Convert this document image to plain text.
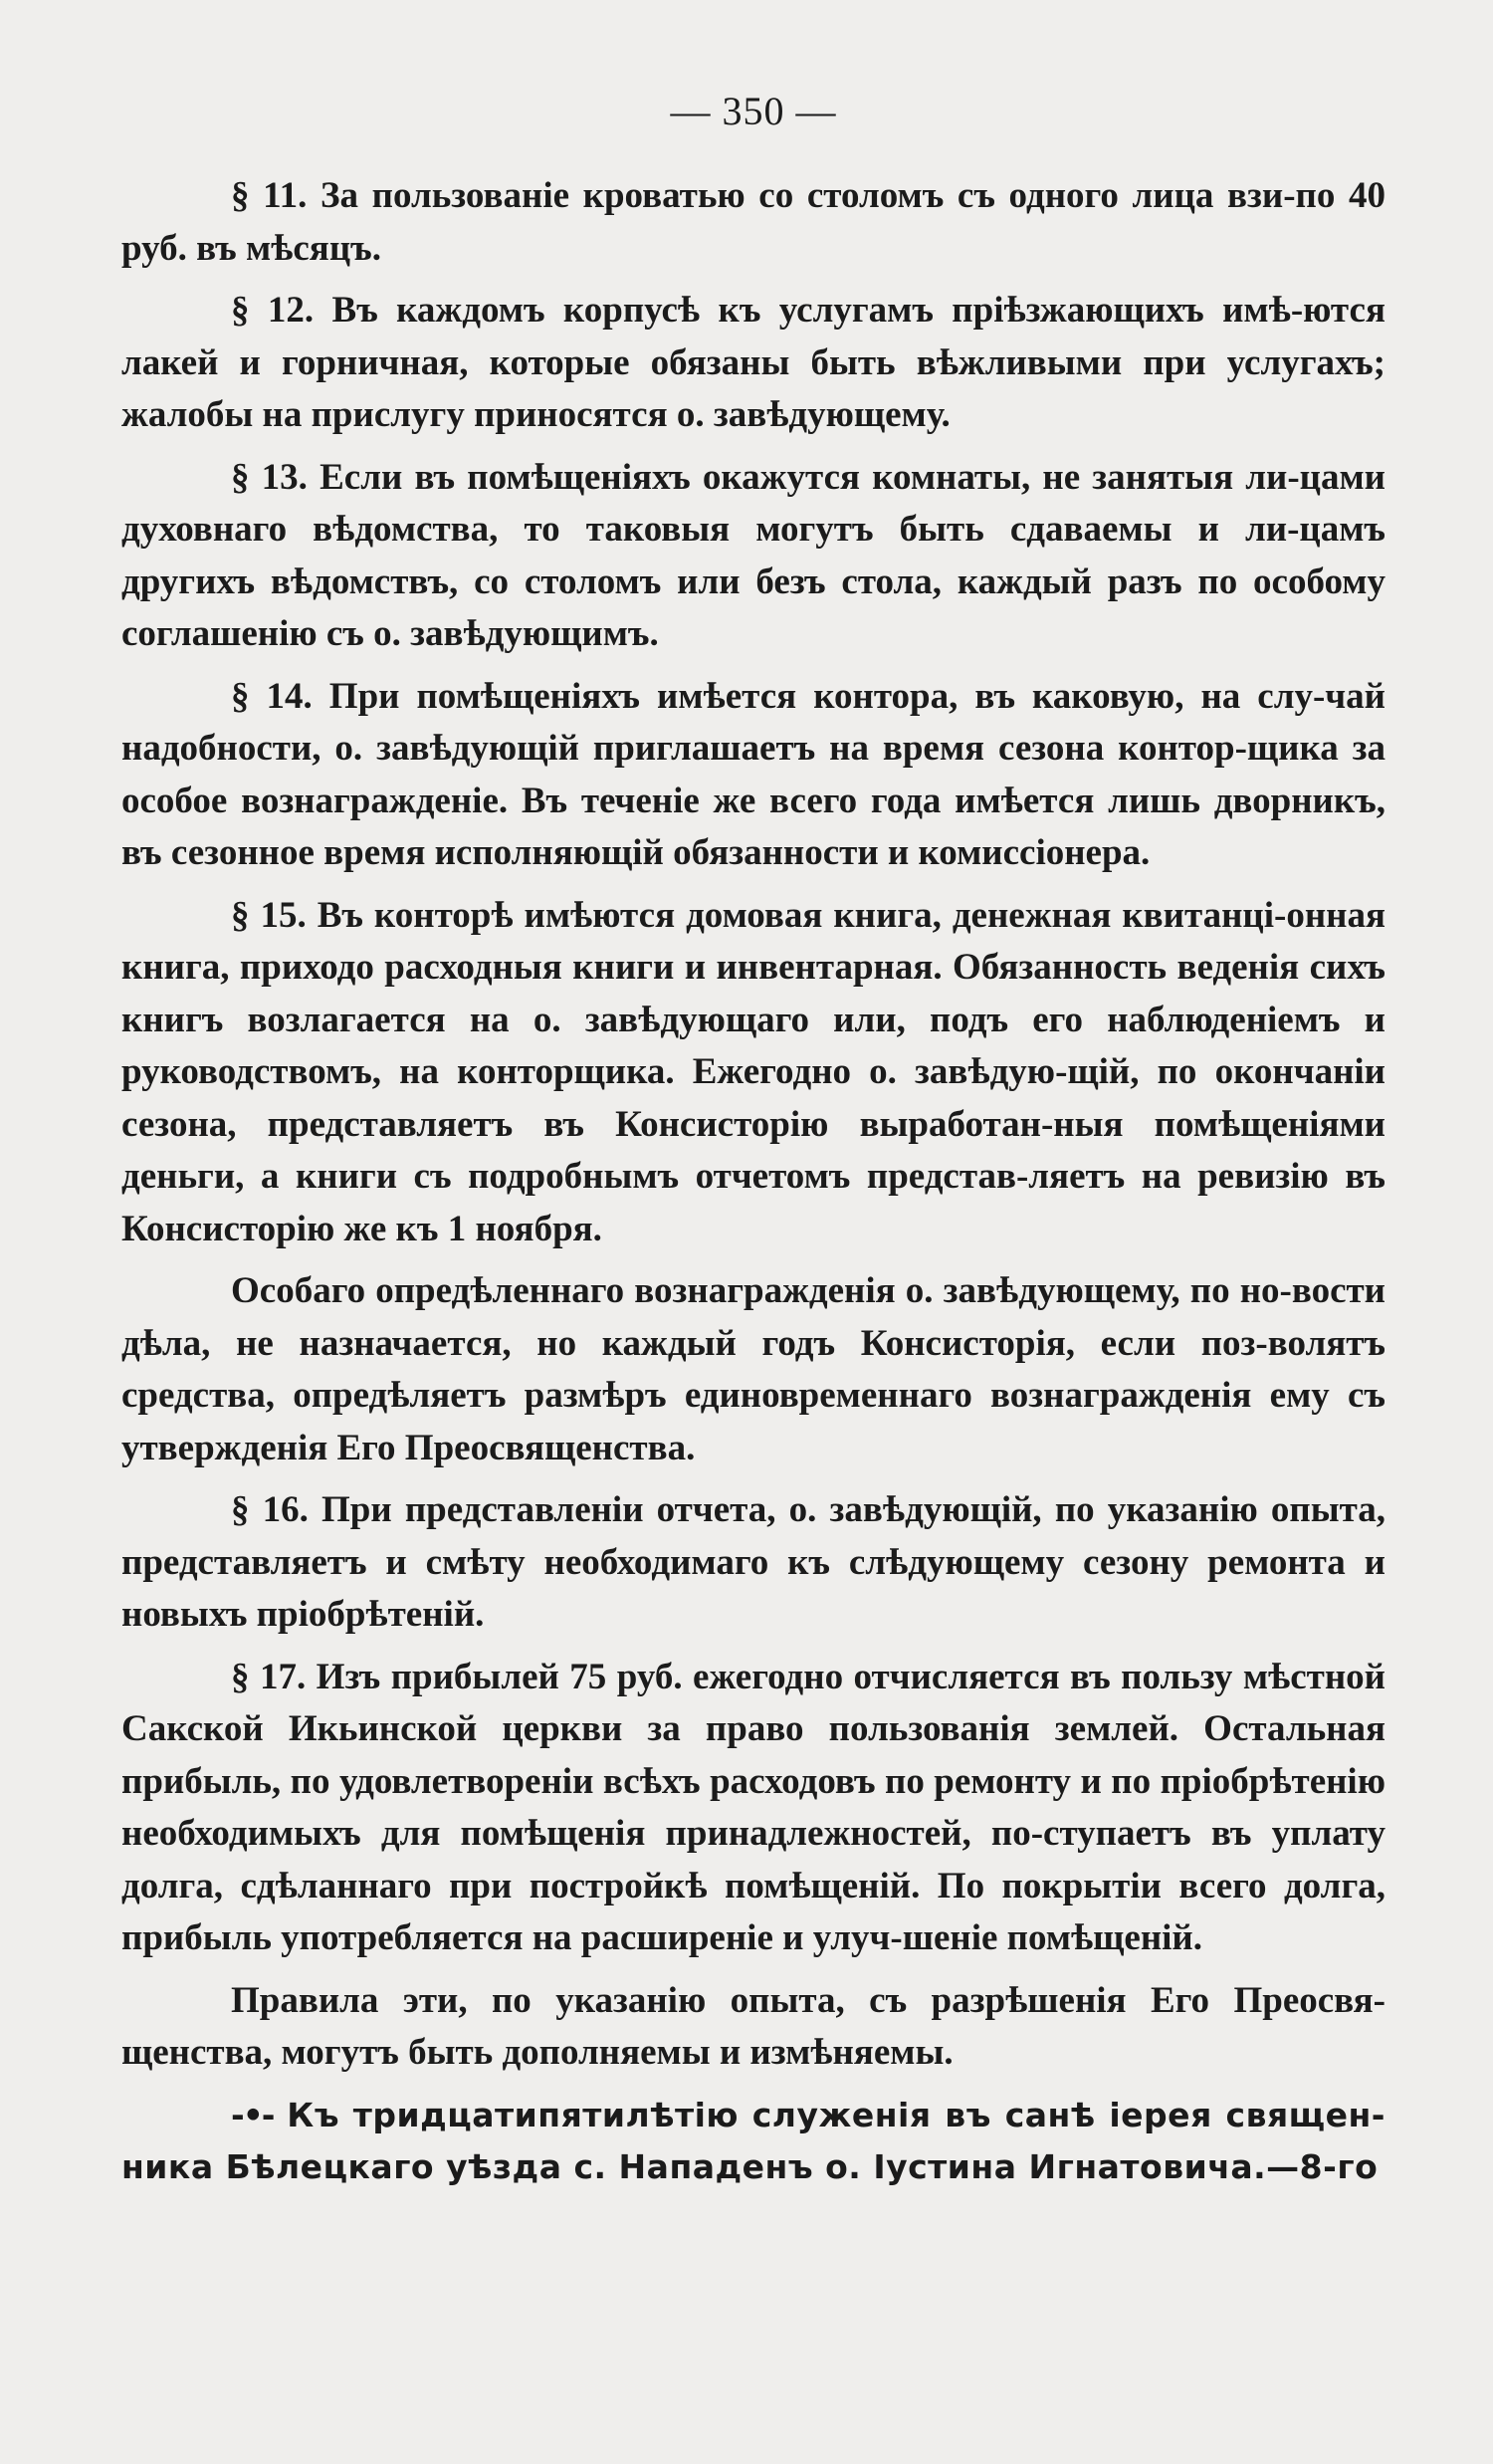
— 350 —

§ 11. За пользованіе кроватью со столомъ съ одного лица взи-по 40 руб. въ мѣсяцъ.

§ 12. Въ каждомъ корпусѣ къ услугамъ пріѣзжающихъ имѣ-ются лакей и горничная, которые обязаны быть вѣжливыми при услугахъ; жалобы на прислугу приносятся о. завѣдующему.

§ 13. Если въ помѣщеніяхъ окажутся комнаты, не занятыя ли-цами духовнаго вѣдомства, то таковыя могутъ быть сдаваемы и ли-цамъ другихъ вѣдомствъ, со столомъ или безъ стола, каждый разъ по особому соглашенію съ о. завѣдующимъ.

§ 14. При помѣщеніяхъ имѣется контора, въ каковую, на слу-чай надобности, о. завѣдующій приглашаетъ на время сезона контор-щика за особое вознагражденіе. Въ теченіе же всего года имѣется лишь дворникъ, въ сезонное время исполняющій обязанности и комиссіонера.

§ 15. Въ конторѣ имѣются домовая книга, денежная квитанці-онная книга, приходо расходныя книги и инвентарная. Обязанность веденія сихъ книгъ возлагается на о. завѣдующаго или, подъ его наблюденіемъ и руководствомъ, на конторщика. Ежегодно о. завѣдую-щій, по окончаніи сезона, представляетъ въ Консисторію выработан-ныя помѣщеніями деньги, а книги съ подробнымъ отчетомъ представ-ляетъ на ревизію въ Консисторію же къ 1 ноября.

Особаго опредѣленнаго вознагражденія о. завѣдующему, по но-вости дѣла, не назначается, но каждый годъ Консисторія, если поз-волятъ средства, опредѣляетъ размѣръ единовременнаго вознагражденія ему съ утвержденія Его Преосвященства.

§ 16. При представленіи отчета, о. завѣдующій, по указанію опыта, представляетъ и смѣту необходимаго къ слѣдующему сезону ремонта и новыхъ пріобрѣтеній.

§ 17. Изъ прибылей 75 руб. ежегодно отчисляется въ пользу мѣстной Сакской Икьинской церкви за право пользованія землей. Остальная прибыль, по удовлетвореніи всѣхъ расходовъ по ремонту и по пріобрѣтенію необходимыхъ для помѣщенія принадлежностей, по-ступаетъ въ уплату долга, сдѣланнаго при постройкѣ помѣщеній. По покрытіи всего долга, прибыль употребляется на расширеніе и улуч-шеніе помѣщеній.

Правила эти, по указанію опыта, съ разрѣшенія Его Преосвя-щенства, могутъ быть дополняемы и измѣняемы.

-•- Къ тридцатипятилѣтію служенія въ санѣ іерея священ-ника Бѣлецкаго уѣзда с. Нападенъ о. Іустина Игнатовича.—8-го
